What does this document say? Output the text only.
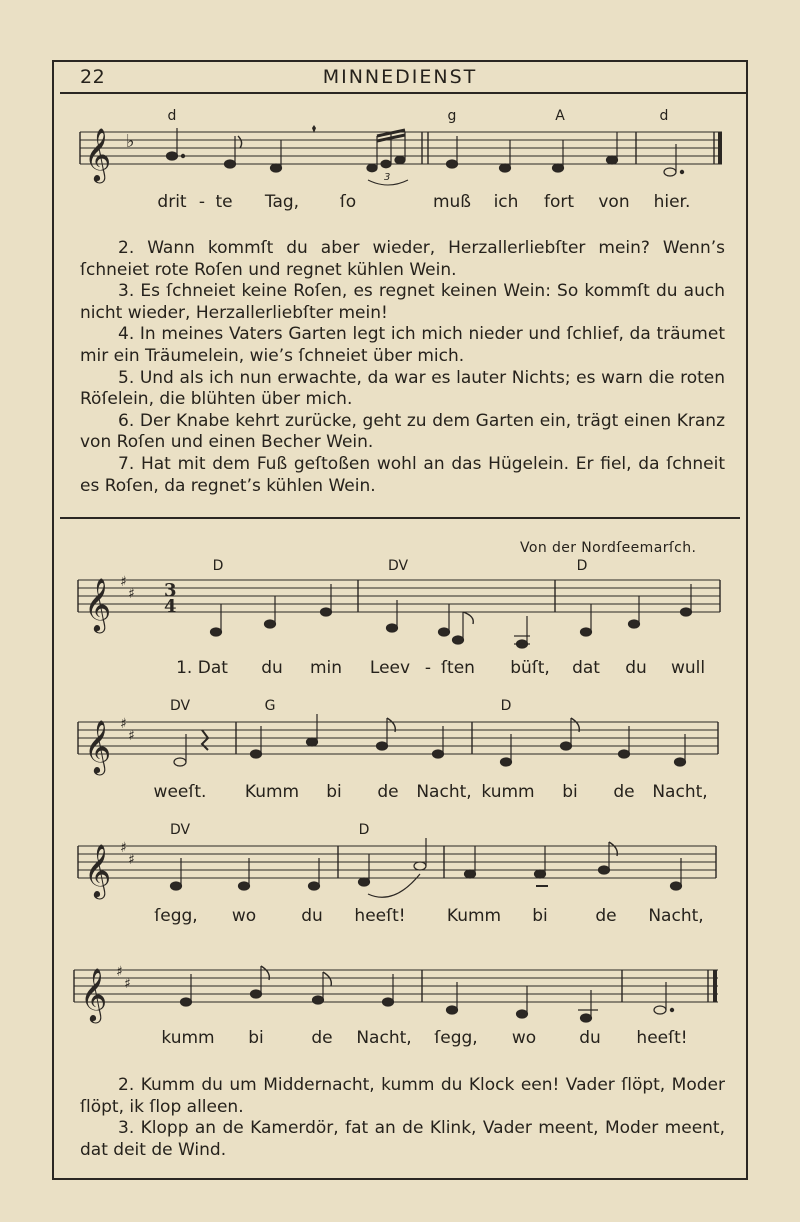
22	MINNEDIENST
𝄞 ♭
3
d	g	A	d
drit - te Tag, ſo	muß ich fort von hier.

2. Wann kommſt du aber wieder, Herzallerliebſter mein? Wenn’s ſchneiet rote Roſen und regnet kühlen Wein.

3. Es ſchneiet keine Roſen, es regnet keinen Wein: So kommſt du auch nicht wieder, Herzallerliebſter mein!

4. In meines Vaters Garten legt ich mich nieder und ſchlief, da träumet mir ein Träumelein, wie’s ſchneiet über mich.

5. Und als ich nun erwachte, da war es lauter Nichts; es warn die roten Röſelein, die blühten über mich.

6. Der Knabe kehrt zurücke, geht zu dem Garten ein, trägt einen Kranz von Roſen und einen Becher Wein.

7. Hat mit dem Fuß geſtoßen wohl an das Hügelein. Er fiel, da ſchneit es Roſen, da regnet’s kühlen Wein.

Von der Nordſeemarſch.
𝄞 ♯
♯ 3
4
𝄞 ♯
♯
𝄞 ♯
♯
𝄞 ♯
♯
D	DV	D
DV	G	D
DV	D
1. Dat du min Leev - ſten büſt, dat du wull
weeſt. Kumm bi de Nacht, kumm bi de Nacht,
ſegg, wo	du heeſt! Kumm bi	de Nacht,
kumm bi	de Nacht, ſegg, wo	du heeſt!

2. Kumm du um Middernacht, kumm du Klock een! Vader ſlöpt, Moder ſlöpt, ik ſlop alleen.

3. Klopp an de Kamerdör, fat an de Klink, Vader meent, Moder meent, dat deit de Wind.
